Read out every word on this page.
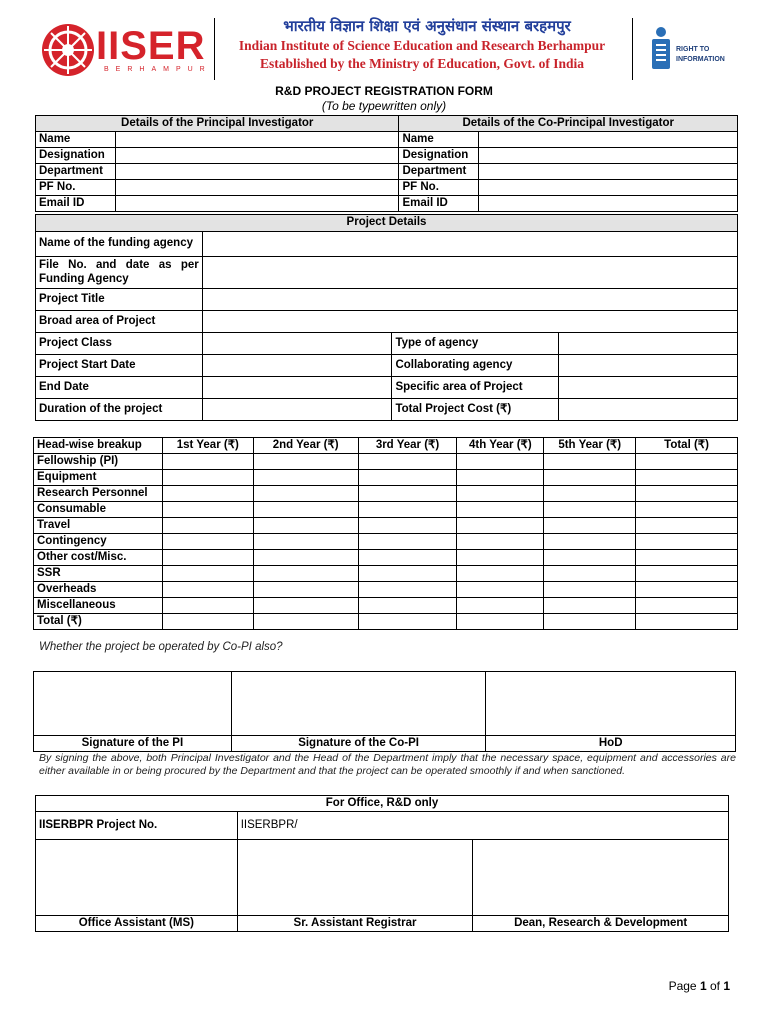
IISER
BERHAMPUR
भारतीय विज्ञान शिक्षा एवं अनुसंधान संस्थान बरहमपुर
Indian Institute of Science Education and Research Berhampur
Established by the Ministry of Education, Govt. of India
RIGHT TO
INFORMATION
R&D PROJECT REGISTRATION FORM
(To be typewritten only)
Details of the Principal Investigator		Details of the Co-Principal Investigator	
Name		Name	
Designation		Designation	
Department		Department	
PF No.		PF No.	
Email ID		Email ID	
Project Details			
Name of the funding agency			
File No. and date as per Funding Agency			
Project Title			
Broad area of Project			
Project Class		Type of agency	
Project Start Date		Collaborating agency	
End Date		Specific area of Project	
Duration of the project		Total Project Cost (₹)	
Head-wise breakup	1st Year (₹)	2nd Year (₹)	3rd Year (₹)	4th Year (₹)	5th Year (₹)	Total (₹)
Fellowship (PI)						
Equipment						
Research Personnel						
Consumable						
Travel						
Contingency						
Other cost/Misc.						
SSR						
Overheads						
Miscellaneous						
Total (₹)						
Whether the project be operated by Co-PI also?

Signature of the PI	Signature of the Co-PI	HoD
By signing the above, both Principal Investigator and the Head of the Department imply that the necessary space, equipment and accessories are either available in or being procured by the Department and that the project can be operated smoothly if and when sanctioned.
For Office, R&D only		
IISERBPR Project No.	IISERBPR/	

Office Assistant (MS)	Sr. Assistant Registrar	Dean, Research & Development
Page 1 of 1
